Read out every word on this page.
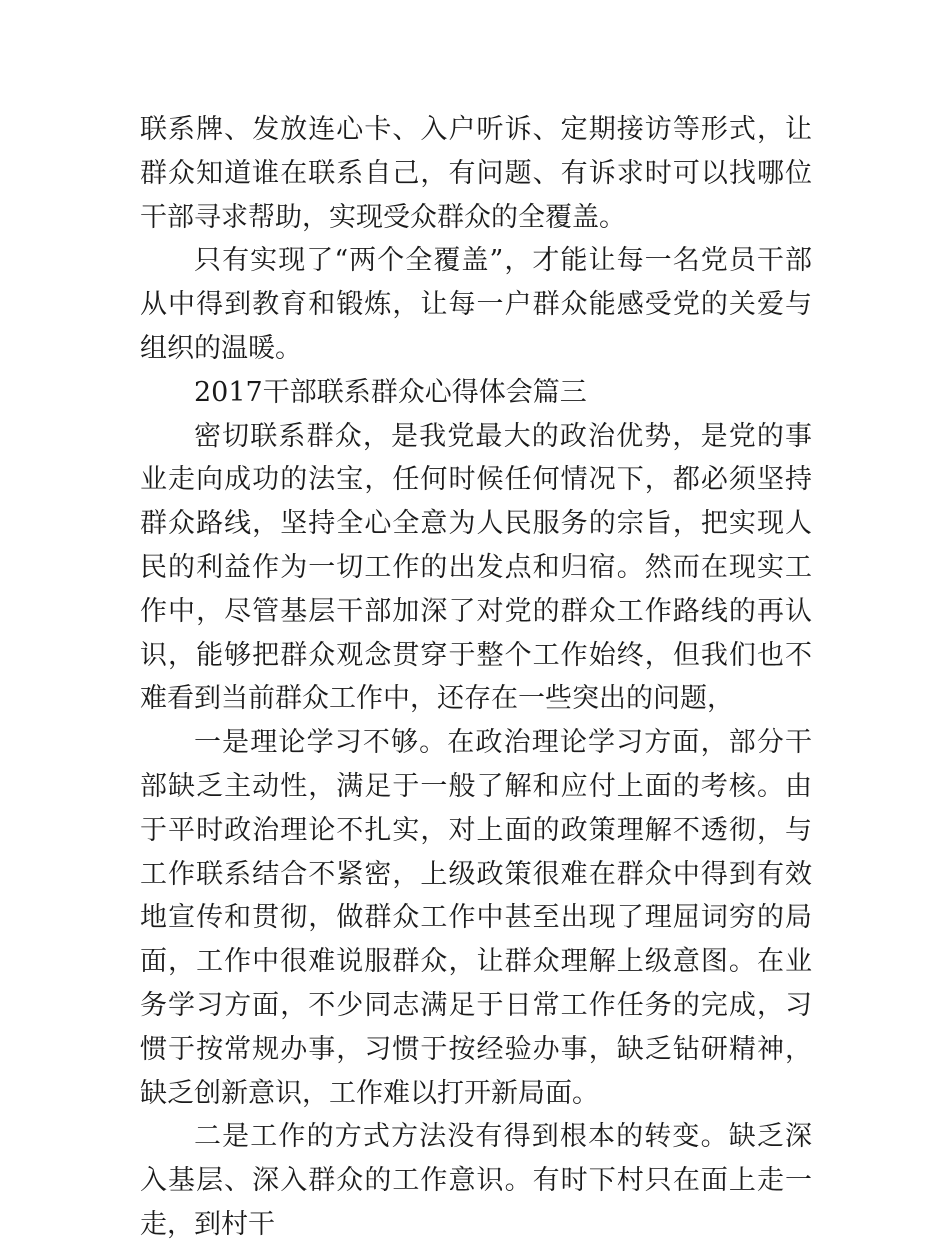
联系牌、发放连心卡、入户听诉、定期接访等形式，让群众知道谁在联系自己，有问题、有诉求时可以找哪位干部寻求帮助，实现受众群众的全覆盖。

只有实现了“两个全覆盖”，才能让每一名党员干部从中得到教育和锻炼，让每一户群众能感受党的关爱与组织的温暖。

2017干部联系群众心得体会篇三

密切联系群众，是我党最大的政治优势，是党的事业走向成功的法宝，任何时候任何情况下，都必须坚持群众路线，坚持全心全意为人民服务的宗旨，把实现人民的利益作为一切工作的出发点和归宿。然而在现实工作中，尽管基层干部加深了对党的群众工作路线的再认识，能够把群众观念贯穿于整个工作始终，但我们也不难看到当前群众工作中，还存在一些突出的问题，

一是理论学习不够。在政治理论学习方面，部分干部缺乏主动性，满足于一般了解和应付上面的考核。由于平时政治理论不扎实，对上面的政策理解不透彻，与工作联系结合不紧密，上级政策很难在群众中得到有效地宣传和贯彻，做群众工作中甚至出现了理屈词穷的局面，工作中很难说服群众，让群众理解上级意图。在业务学习方面，不少同志满足于日常工作任务的完成，习惯于按常规办事，习惯于按经验办事，缺乏钻研精神，缺乏创新意识，工作难以打开新局面。

二是工作的方式方法没有得到根本的转变。缺乏深入基层、深入群众的工作意识。有时下村只在面上走一走，到村干
